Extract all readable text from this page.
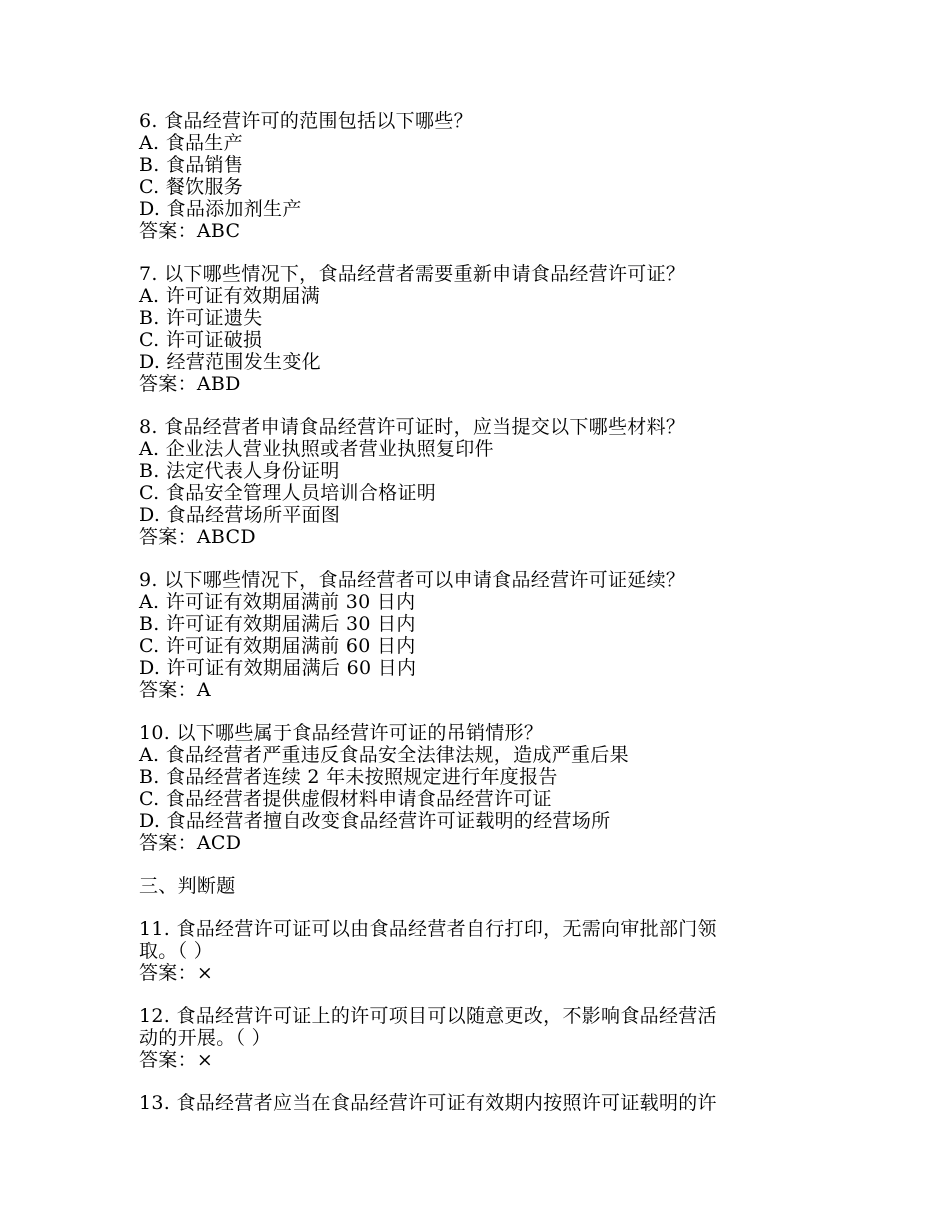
6. 食品经营许可的范围包括以下哪些？
A. 食品生产
B. 食品销售
C. 餐饮服务
D. 食品添加剂生产
答案：ABC
7. 以下哪些情况下，食品经营者需要重新申请食品经营许可证？
A. 许可证有效期届满
B. 许可证遗失
C. 许可证破损
D. 经营范围发生变化
答案：ABD
8. 食品经营者申请食品经营许可证时，应当提交以下哪些材料？
A. 企业法人营业执照或者营业执照复印件
B. 法定代表人身份证明
C. 食品安全管理人员培训合格证明
D. 食品经营场所平面图
答案：ABCD
9. 以下哪些情况下，食品经营者可以申请食品经营许可证延续？
A. 许可证有效期届满前 30 日内
B. 许可证有效期届满后 30 日内
C. 许可证有效期届满前 60 日内
D. 许可证有效期届满后 60 日内
答案：A
10. 以下哪些属于食品经营许可证的吊销情形？
A. 食品经营者严重违反食品安全法律法规，造成严重后果
B. 食品经营者连续 2 年未按照规定进行年度报告
C. 食品经营者提供虚假材料申请食品经营许可证
D. 食品经营者擅自改变食品经营许可证载明的经营场所
答案：ACD
三、判断题
11. 食品经营许可证可以由食品经营者自行打印，无需向审批部门领
取。（ ）
答案：×
12. 食品经营许可证上的许可项目可以随意更改，不影响食品经营活
动的开展。（ ）
答案：×
13. 食品经营者应当在食品经营许可证有效期内按照许可证载明的许
